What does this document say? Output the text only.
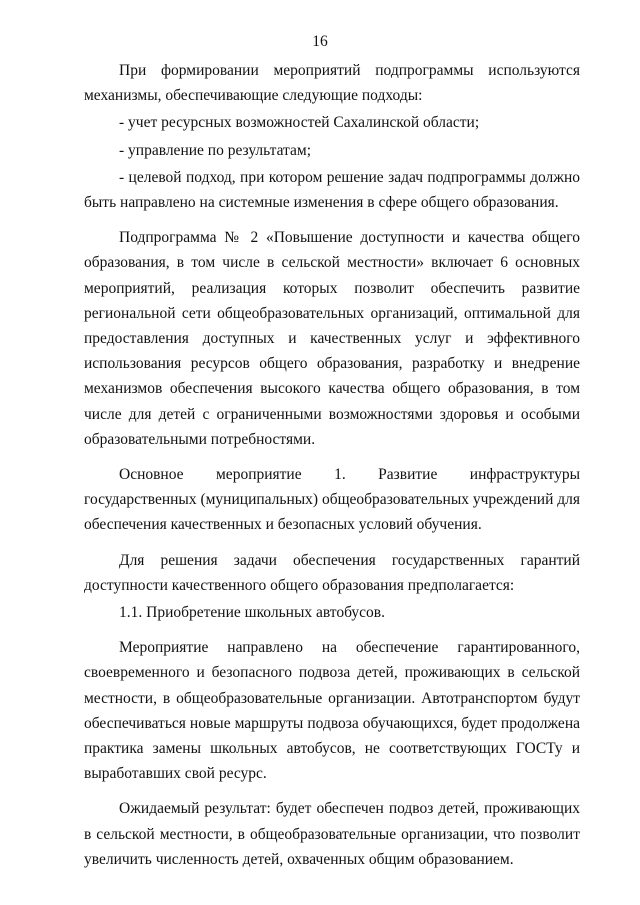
16

При формировании мероприятий подпрограммы используются механизмы, обеспечивающие следующие подходы:

- учет ресурсных возможностей Сахалинской области;

- управление по результатам;

- целевой подход, при котором решение задач подпрограммы должно быть направлено на системные изменения в сфере общего образования.

Подпрограмма № 2 «Повышение доступности и качества общего образования, в том числе в сельской местности» включает 6 основных мероприятий, реализация которых позволит обеспечить развитие региональной сети общеобразовательных организаций, оптимальной для предоставления доступных и качественных услуг и эффективного использования ресурсов общего образования, разработку и внедрение механизмов обеспечения высокого качества общего образования, в том числе для детей с ограниченными возможностями здоровья и особыми образовательными потребностями.

Основное мероприятие 1. Развитие инфраструктуры государственных (муниципальных) общеобразовательных учреждений для обеспечения качественных и безопасных условий обучения.

Для решения задачи обеспечения государственных гарантий доступности качественного общего образования предполагается:

1.1. Приобретение школьных автобусов.

Мероприятие направлено на обеспечение гарантированного, своевременного и безопасного подвоза детей, проживающих в сельской местности, в общеобразовательные организации. Автотранспортом будут обеспечиваться новые маршруты подвоза обучающихся, будет продолжена практика замены школьных автобусов, не соответствующих ГОСТу и выработавших свой ресурс.

Ожидаемый результат: будет обеспечен подвоз детей, проживающих в сельской местности, в общеобразовательные организации, что позволит увеличить численность детей, охваченных общим образованием.
